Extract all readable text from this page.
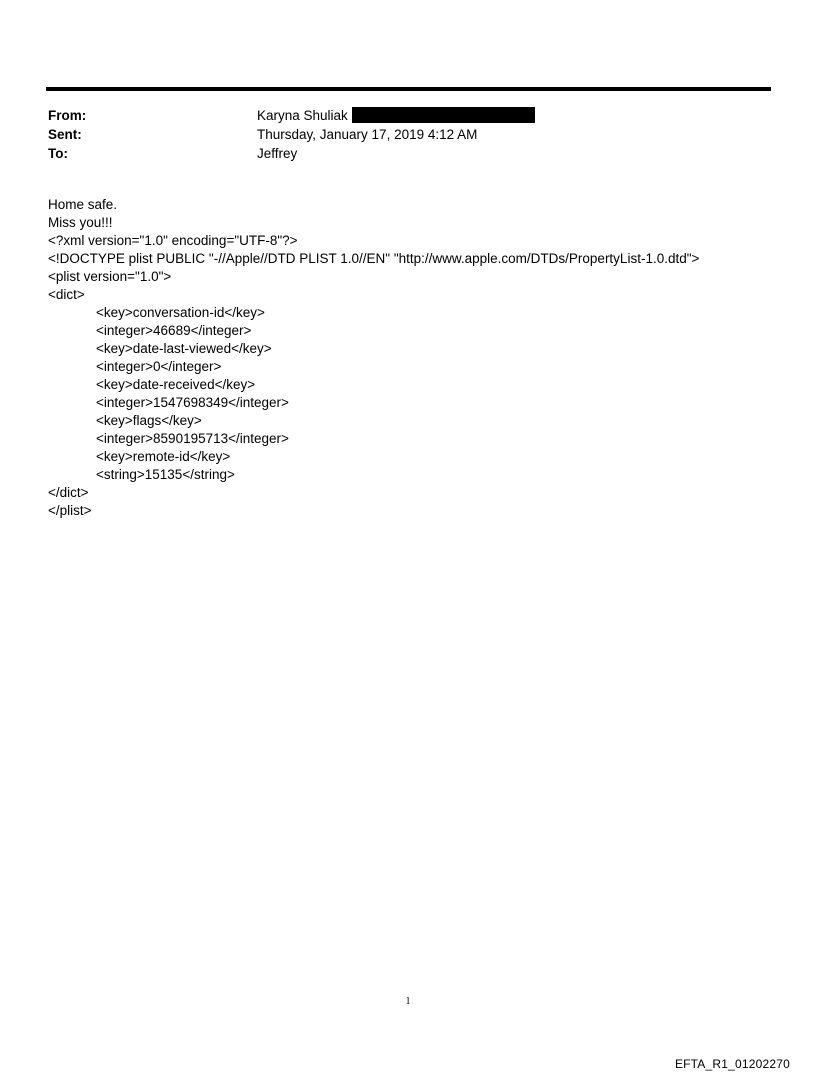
From:	Karyna Shuliak
Sent:	Thursday, January 17, 2019 4:12 AM
To:	Jeffrey
Home safe.
Miss you!!!
<?xml version="1.0" encoding="UTF-8"?>
<!DOCTYPE plist PUBLIC "-//Apple//DTD PLIST 1.0//EN" "http://www.apple.com/DTDs/PropertyList-1.0.dtd">
<plist version="1.0">
<dict>
<key>conversation-id</key>
<integer>46689</integer>
<key>date-last-viewed</key>
<integer>0</integer>
<key>date-received</key>
<integer>1547698349</integer>
<key>flags</key>
<integer>8590195713</integer>
<key>remote-id</key>
<string>15135</string>
</dict>
</plist>
1
EFTA_R1_01202270
